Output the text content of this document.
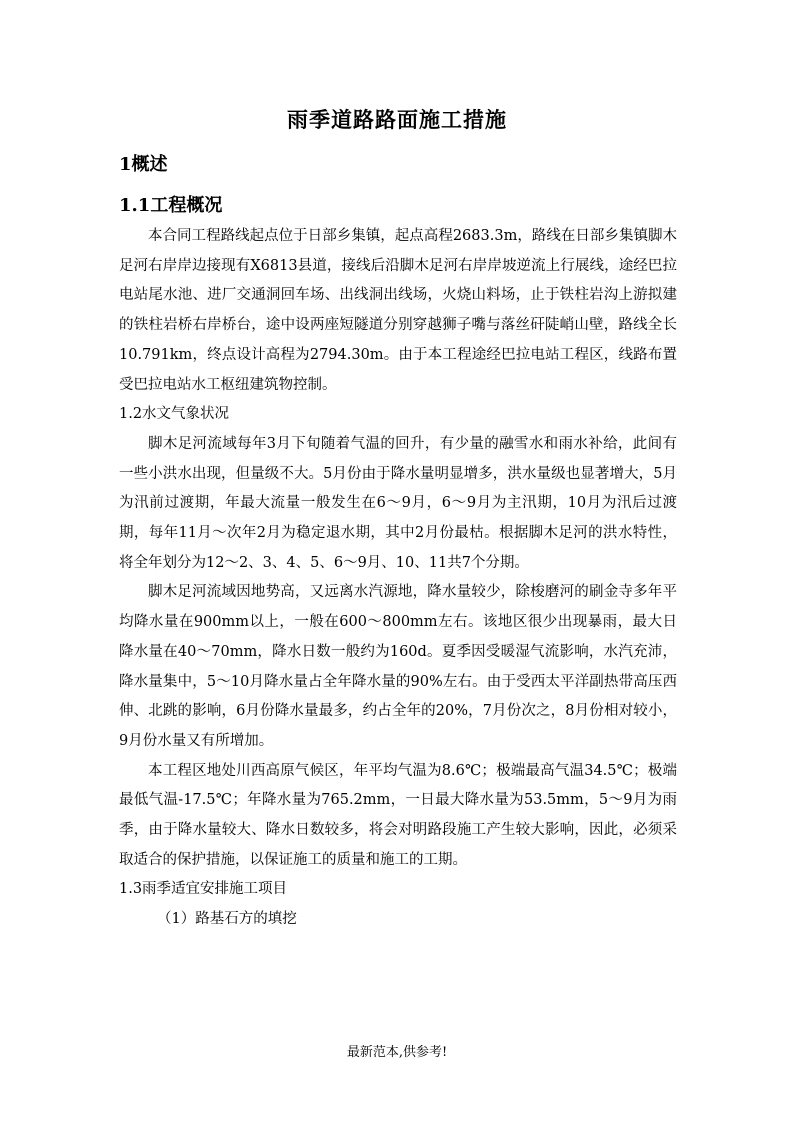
雨季道路路面施工措施
1概述
1.1工程概况

本合同工程路线起点位于日部乡集镇，起点高程2683.3m，路线在日部乡集镇脚木足河右岸岸边接现有X6813县道，接线后沿脚木足河右岸岸坡逆流上行展线，途经巴拉电站尾水池、进厂交通洞回车场、出线洞出线场，火烧山料场，止于铁柱岩沟上游拟建的铁柱岩桥右岸桥台，途中设两座短隧道分别穿越狮子嘴与落丝矸陡峭山壁，路线全长10.791km，终点设计高程为2794.30m。由于本工程途经巴拉电站工程区，线路布置受巴拉电站水工枢纽建筑物控制。

1.2水文气象状况

脚木足河流域每年3月下旬随着气温的回升，有少量的融雪水和雨水补给，此间有一些小洪水出现，但量级不大。5月份由于降水量明显增多，洪水量级也显著增大，5月为汛前过渡期，年最大流量一般发生在6～9月，6～9月为主汛期，10月为汛后过渡期，每年11月～次年2月为稳定退水期，其中2月份最枯。根据脚木足河的洪水特性，将全年划分为12～2、3、4、5、6～9月、10、11共7个分期。

脚木足河流域因地势高，又远离水汽源地，降水量较少，除梭磨河的刷金寺多年平均降水量在900mm以上，一般在600～800mm左右。该地区很少出现暴雨，最大日降水量在40～70mm，降水日数一般约为160d。夏季因受暖湿气流影响，水汽充沛，降水量集中，5～10月降水量占全年降水量的90%左右。由于受西太平洋副热带高压西伸、北跳的影响，6月份降水量最多，约占全年的20%，7月份次之，8月份相对较小，9月份水量又有所增加。

本工程区地处川西高原气候区，年平均气温为8.6℃；极端最高气温34.5℃；极端最低气温-17.5℃；年降水量为765.2mm，一日最大降水量为53.5mm，5～9月为雨季，由于降水量较大、降水日数较多，将会对明路段施工产生较大影响，因此，必须采取适合的保护措施，以保证施工的质量和施工的工期。

1.3雨季适宜安排施工项目

（1）路基石方的填挖

最新范本,供参考!
